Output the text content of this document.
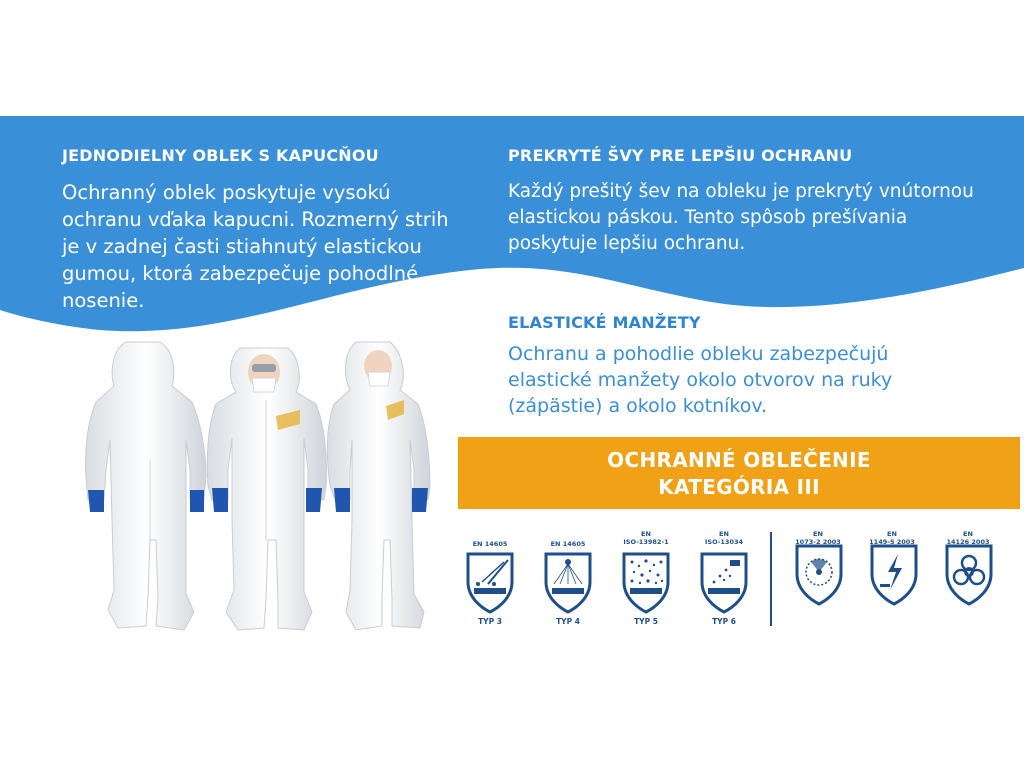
JEDNODIELNY OBLEK S KAPUCŇOU
Ochranný oblek poskytuje vysokú ochranu vďaka kapucni. Rozmerný strih je v zadnej časti stiahnutý elastickou gumou, ktorá zabezpečuje pohodlné nosenie.
PREKRYTÉ ŠVY PRE LEPŠIU OCHRANU
Každý prešitý šev na obleku je prekrytý vnútornou elastickou páskou. Tento spôsob prešívania poskytuje lepšiu ochranu.
ELASTICKÉ MANŽETY
Ochranu a pohodlie obleku zabezpečujú elastické manžety okolo otvorov na ruky (zápästie) a okolo kotníkov.
OCHRANNÉ OBLEČENIE
KATEGÓRIA III
EN 14605	EN 14605
EN
ISO-13982-1
EN
ISO-13034
EN
1073-2 2003
EN
1149-5 2003
EN
14126 2003
TYP 3	TYP 4	TYP 5	TYP 6
